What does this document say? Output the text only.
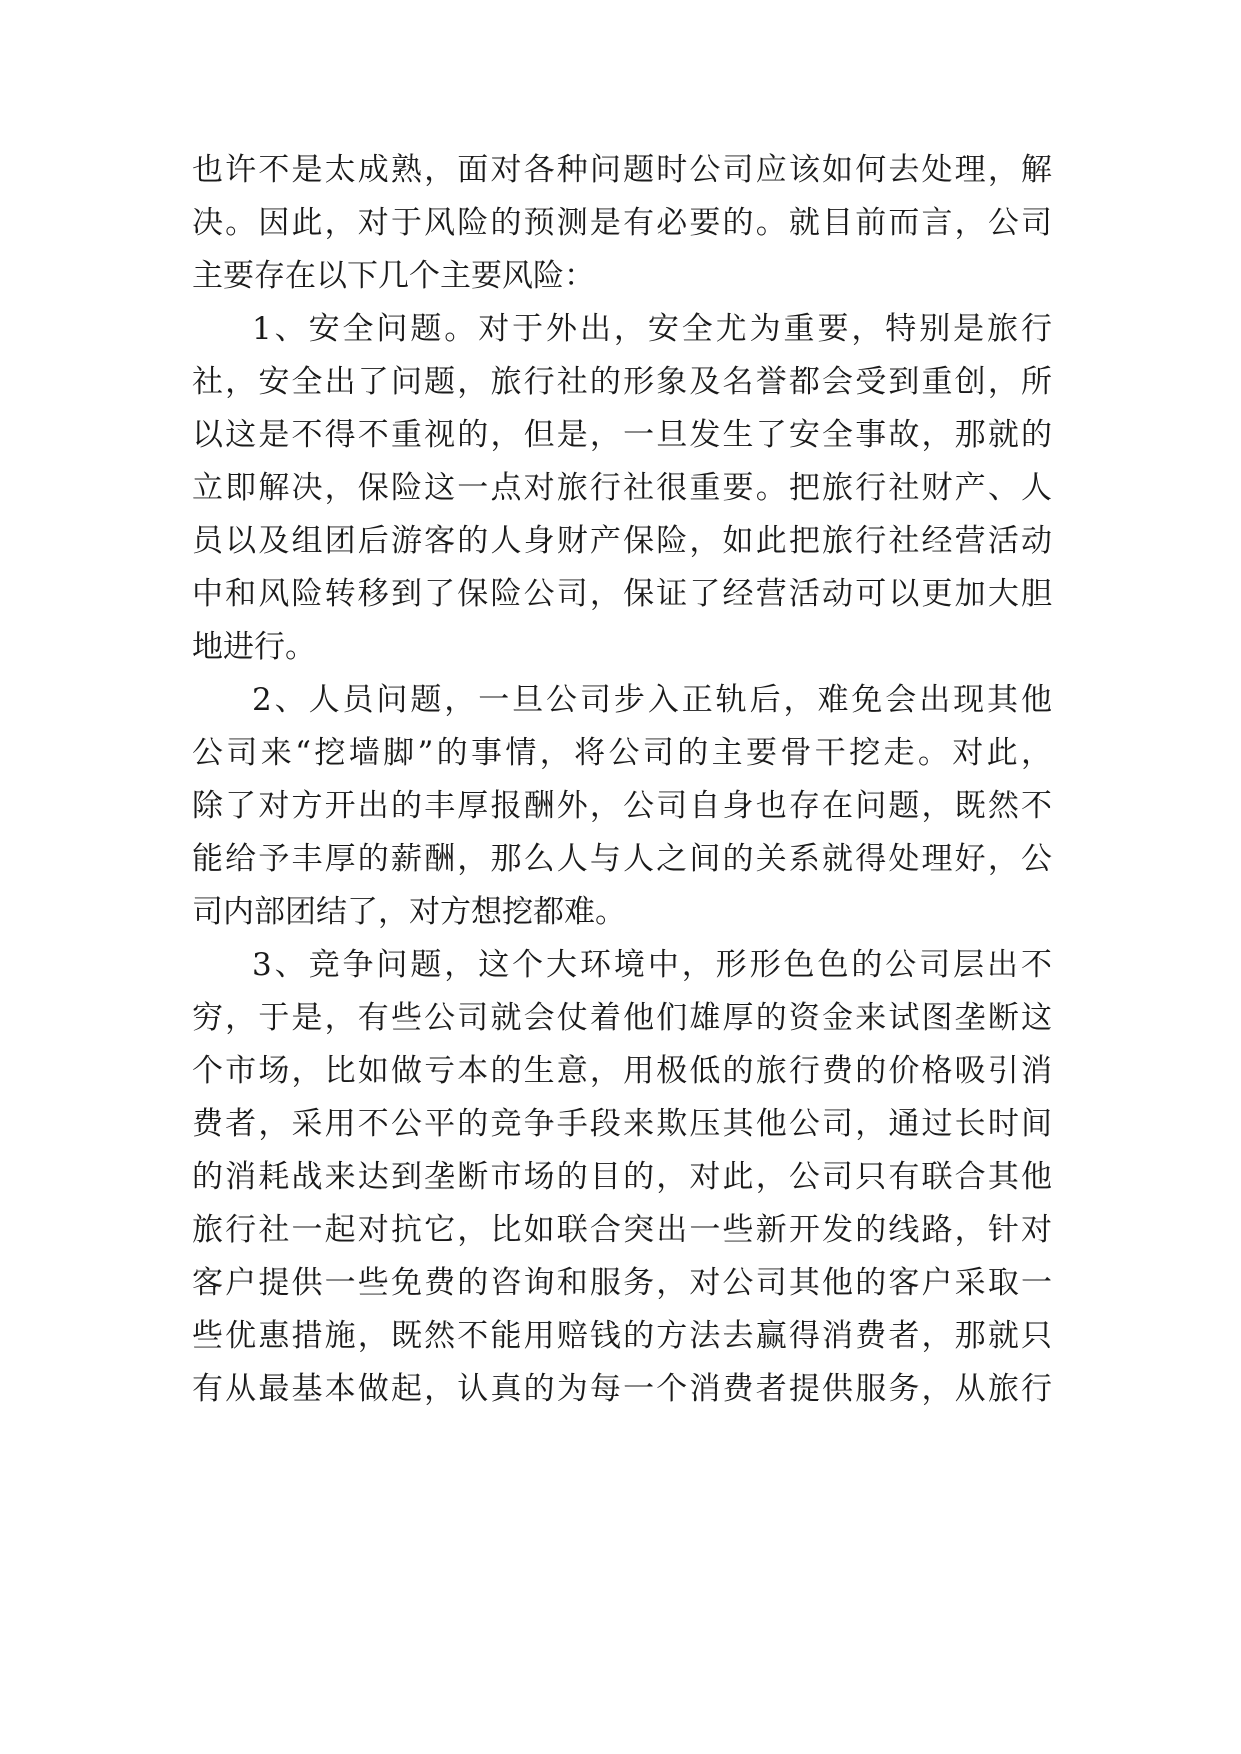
也许不是太成熟，面对各种问题时公司应该如何去处理，解
决。因此，对于风险的预测是有必要的。就目前而言，公司
主要存在以下几个主要风险：
1、安全问题。对于外出，安全尤为重要，特别是旅行
社，安全出了问题，旅行社的形象及名誉都会受到重创，所
以这是不得不重视的，但是，一旦发生了安全事故，那就的
立即解决，保险这一点对旅行社很重要。把旅行社财产、人
员以及组团后游客的人身财产保险，如此把旅行社经营活动
中和风险转移到了保险公司，保证了经营活动可以更加大胆
地进行。
2、人员问题，一旦公司步入正轨后，难免会出现其他
公司来“挖墙脚”的事情，将公司的主要骨干挖走。对此，
除了对方开出的丰厚报酬外，公司自身也存在问题，既然不
能给予丰厚的薪酬，那么人与人之间的关系就得处理好，公
司内部团结了，对方想挖都难。
3、竞争问题，这个大环境中，形形色色的公司层出不
穷，于是，有些公司就会仗着他们雄厚的资金来试图垄断这
个市场，比如做亏本的生意，用极低的旅行费的价格吸引消
费者，采用不公平的竞争手段来欺压其他公司，通过长时间
的消耗战来达到垄断市场的目的，对此，公司只有联合其他
旅行社一起对抗它，比如联合突出一些新开发的线路，针对
客户提供一些免费的咨询和服务，对公司其他的客户采取一
些优惠措施，既然不能用赔钱的方法去赢得消费者，那就只
有从最基本做起，认真的为每一个消费者提供服务，从旅行
